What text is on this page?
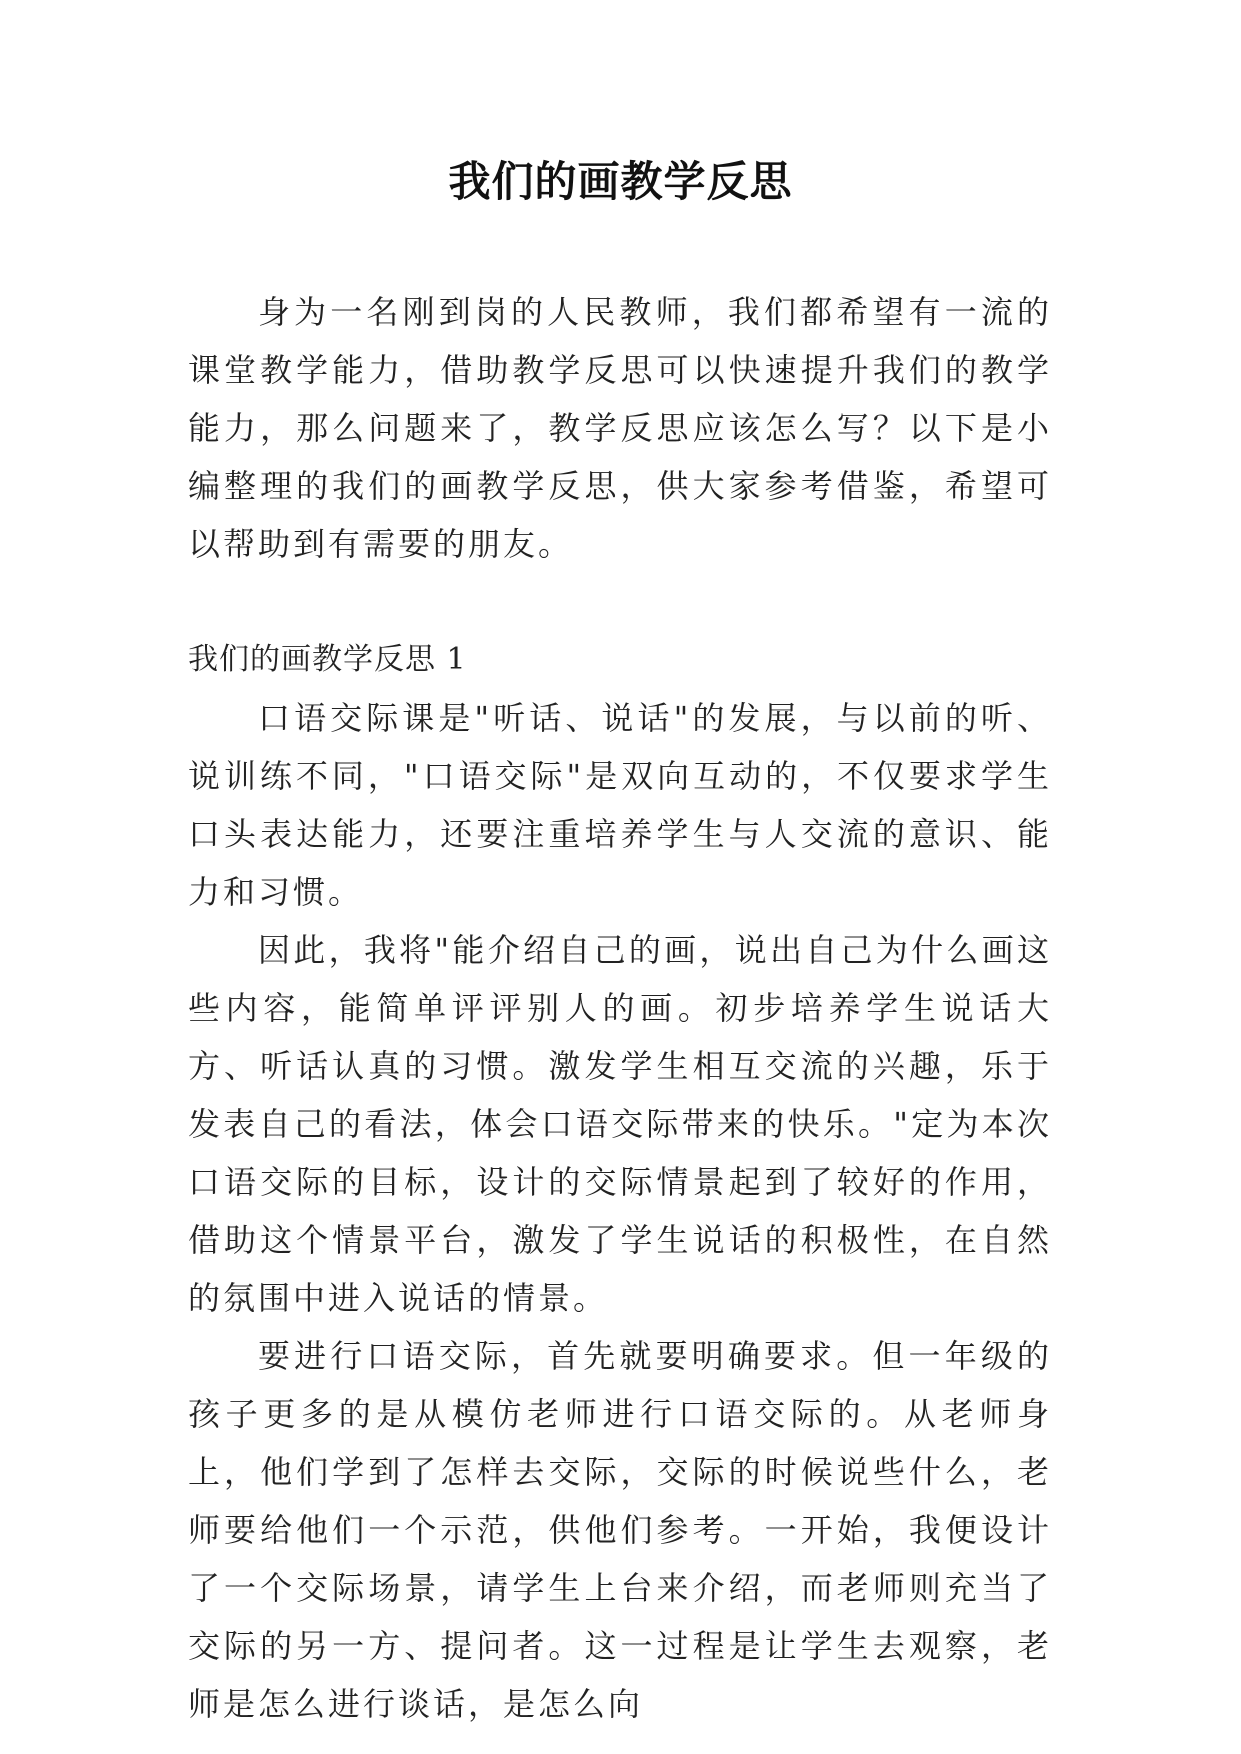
我们的画教学反思

身为一名刚到岗的人民教师，我们都希望有一流的课堂教学能力，借助教学反思可以快速提升我们的教学能力，那么问题来了，教学反思应该怎么写？以下是小编整理的我们的画教学反思，供大家参考借鉴，希望可以帮助到有需要的朋友。

我们的画教学反思 1

口语交际课是"听话、说话"的发展，与以前的听、说训练不同，"口语交际"是双向互动的，不仅要求学生口头表达能力，还要注重培养学生与人交流的意识、能力和习惯。

因此，我将"能介绍自己的画，说出自己为什么画这些内容，能简单评评别人的画。初步培养学生说话大方、听话认真的习惯。激发学生相互交流的兴趣，乐于发表自己的看法，体会口语交际带来的快乐。"定为本次口语交际的目标，设计的交际情景起到了较好的作用，借助这个情景平台，激发了学生说话的积极性，在自然的氛围中进入说话的情景。

要进行口语交际，首先就要明确要求。但一年级的孩子更多的是从模仿老师进行口语交际的。从老师身上，他们学到了怎样去交际，交际的时候说些什么，老师要给他们一个示范，供他们参考。一开始，我便设计了一个交际场景，请学生上台来介绍，而老师则充当了交际的另一方、提问者。这一过程是让学生去观察，老师是怎么进行谈话，是怎么向
